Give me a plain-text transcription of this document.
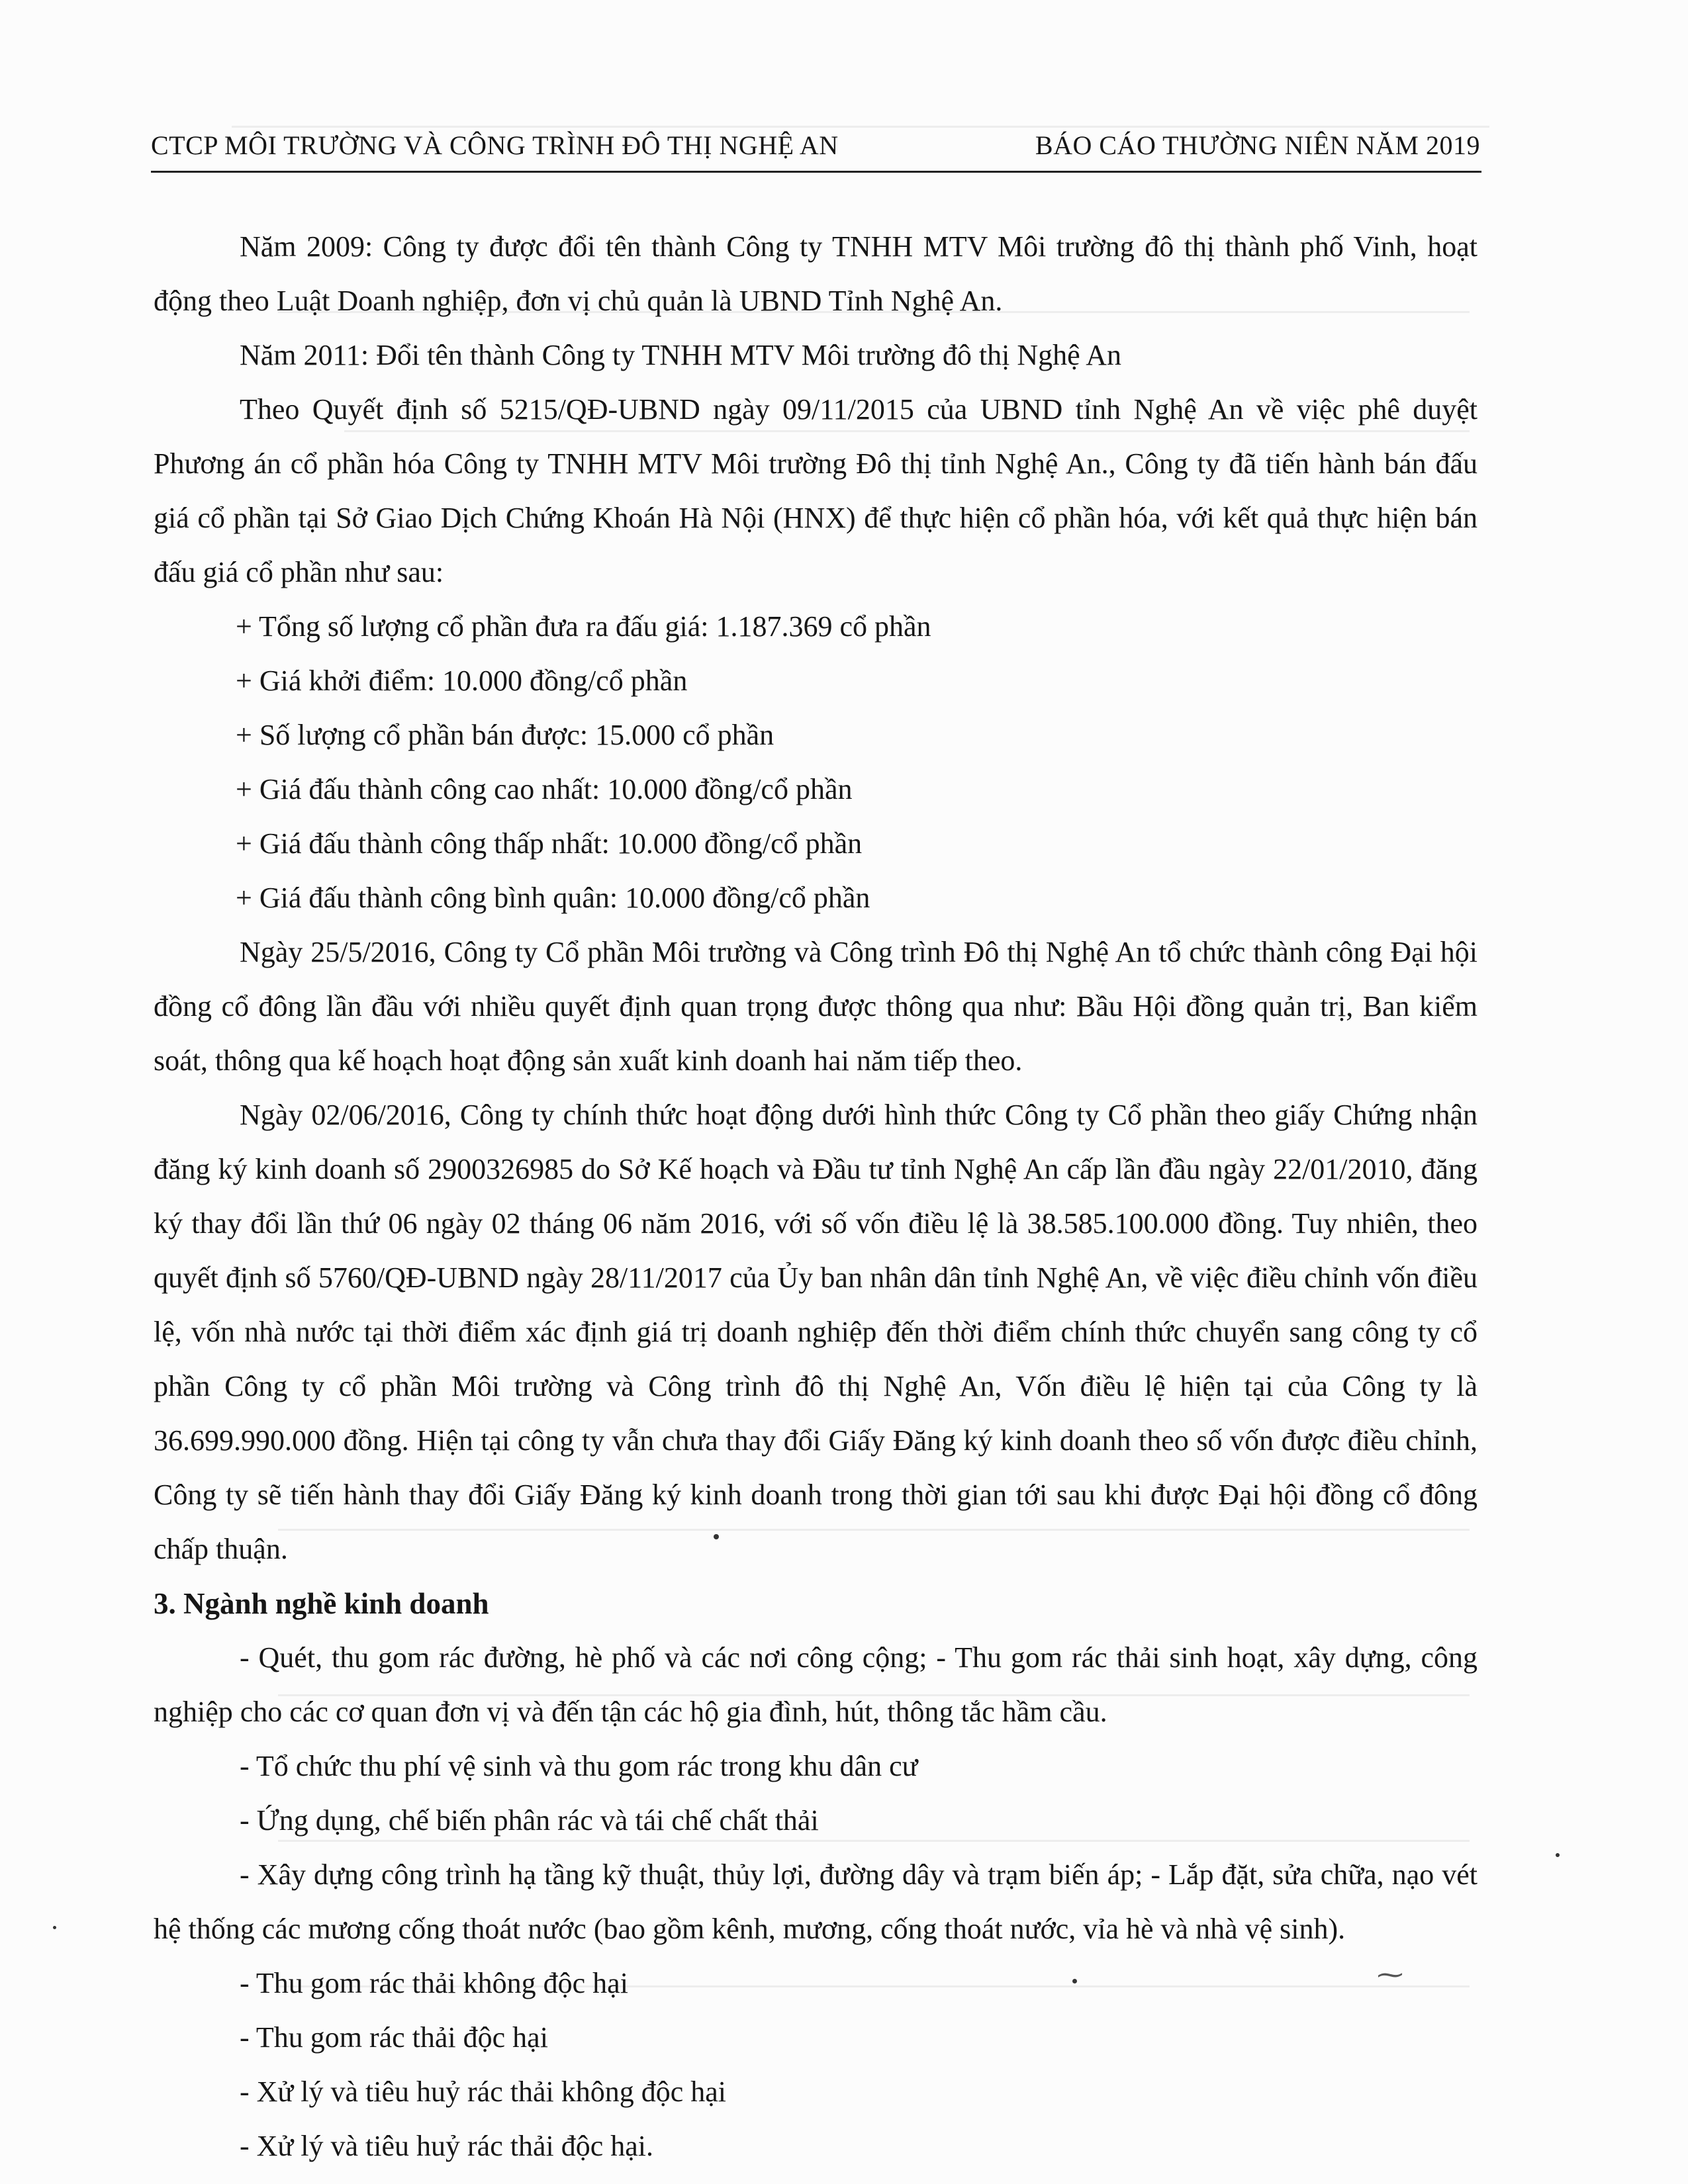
CTCP MÔI TRƯỜNG VÀ CÔNG TRÌNH ĐÔ THỊ NGHỆ AN	BÁO CÁO THƯỜNG NIÊN NĂM 2019

Năm 2009: Công ty được đổi tên thành Công ty TNHH MTV Môi trường đô thị thành phố Vinh, hoạt động theo Luật Doanh nghiệp, đơn vị chủ quản là UBND Tỉnh Nghệ An.

Năm 2011: Đổi tên thành Công ty TNHH MTV Môi trường đô thị Nghệ An

Theo Quyết định số 5215/QĐ-UBND ngày 09/11/2015 của UBND tỉnh Nghệ An về việc phê duyệt Phương án cổ phần hóa Công ty TNHH MTV Môi trường Đô thị tỉnh Nghệ An., Công ty đã tiến hành bán đấu giá cổ phần tại Sở Giao Dịch Chứng Khoán Hà Nội (HNX) để thực hiện cổ phần hóa, với kết quả thực hiện bán đấu giá cổ phần như sau:

+ Tổng số lượng cổ phần đưa ra đấu giá: 1.187.369 cổ phần

+ Giá khởi điểm: 10.000 đồng/cổ phần

+ Số lượng cổ phần bán được: 15.000 cổ phần

+ Giá đấu thành công cao nhất: 10.000 đồng/cổ phần

+ Giá đấu thành công thấp nhất: 10.000 đồng/cổ phần

+ Giá đấu thành công bình quân: 10.000 đồng/cổ phần

Ngày 25/5/2016, Công ty Cổ phần Môi trường và Công trình Đô thị Nghệ An tổ chức thành công Đại hội đồng cổ đông lần đầu với nhiều quyết định quan trọng được thông qua như: Bầu Hội đồng quản trị, Ban kiểm soát, thông qua kế hoạch hoạt động sản xuất kinh doanh hai năm tiếp theo.

Ngày 02/06/2016, Công ty chính thức hoạt động dưới hình thức Công ty Cổ phần theo giấy Chứng nhận đăng ký kinh doanh số 2900326985 do Sở Kế hoạch và Đầu tư tỉnh Nghệ An cấp lần đầu ngày 22/01/2010, đăng ký thay đổi lần thứ 06 ngày 02 tháng 06 năm 2016, với số vốn điều lệ là 38.585.100.000 đồng. Tuy nhiên, theo quyết định số 5760/QĐ-UBND ngày 28/11/2017 của Ủy ban nhân dân tỉnh Nghệ An, về việc điều chỉnh vốn điều lệ, vốn nhà nước tại thời điểm xác định giá trị doanh nghiệp đến thời điểm chính thức chuyển sang công ty cổ phần Công ty cổ phần Môi trường và Công trình đô thị Nghệ An, Vốn điều lệ hiện tại của Công ty là 36.699.990.000 đồng. Hiện tại công ty vẫn chưa thay đổi Giấy Đăng ký kinh doanh theo số vốn được điều chỉnh, Công ty sẽ tiến hành thay đổi Giấy Đăng ký kinh doanh trong thời gian tới sau khi được Đại hội đồng cổ đông chấp thuận.

3. Ngành nghề kinh doanh

- Quét, thu gom rác đường, hè phố và các nơi công cộng; - Thu gom rác thải sinh hoạt, xây dựng, công nghiệp cho các cơ quan đơn vị và đến tận các hộ gia đình, hút, thông tắc hầm cầu.

- Tổ chức thu phí vệ sinh và thu gom rác trong khu dân cư

- Ứng dụng, chế biến phân rác và tái chế chất thải

- Xây dựng công trình hạ tầng kỹ thuật, thủy lợi, đường dây và trạm biến áp; - Lắp đặt, sửa chữa, nạo vét hệ thống các mương cống thoát nước (bao gồm kênh, mương, cống thoát nước, vỉa hè và nhà vệ sinh).

- Thu gom rác thải không độc hại

- Thu gom rác thải độc hại

- Xử lý và tiêu huỷ rác thải không độc hại

- Xử lý và tiêu huỷ rác thải độc hại.

⁓
